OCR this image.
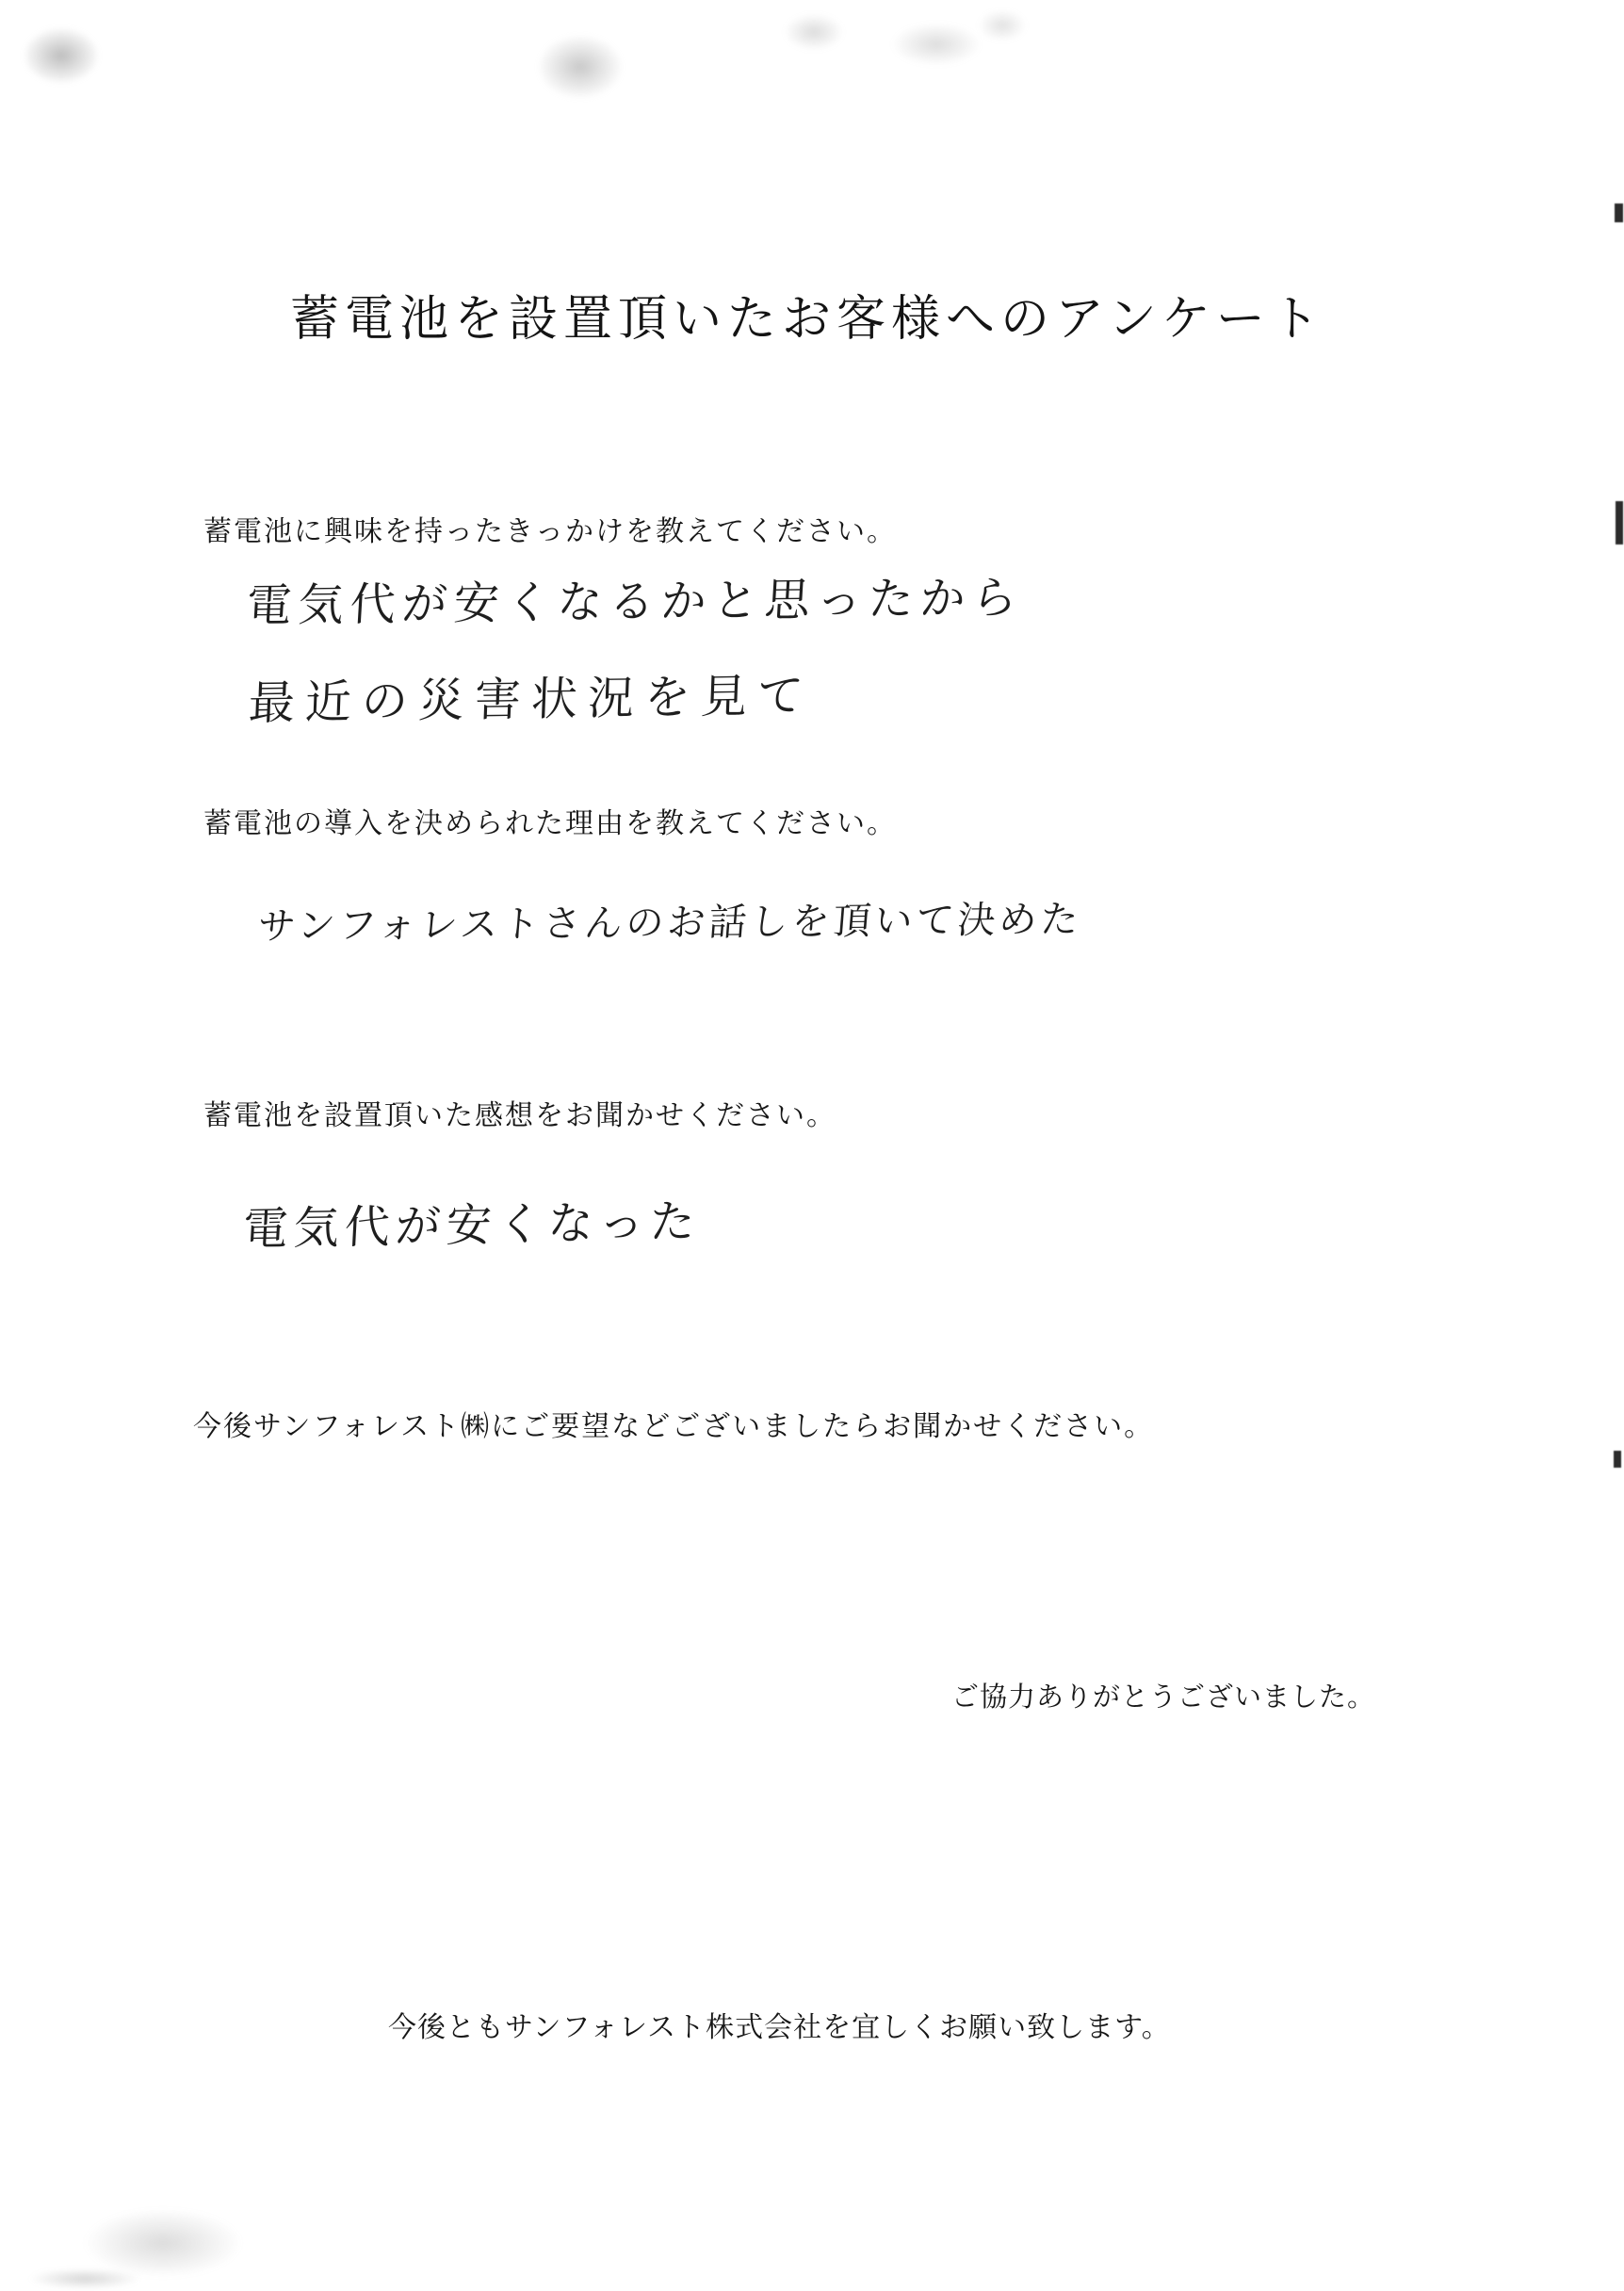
蓄電池を設置頂いたお客様へのアンケート
蓄電池に興味を持ったきっかけを教えてください。
電気代が安くなるかと思ったから
最近の災害状況を見て
蓄電池の導入を決められた理由を教えてください。
サンフォレストさんのお話しを頂いて決めた
蓄電池を設置頂いた感想をお聞かせください。
電気代が安くなった
今後サンフォレスト㈱にご要望などございましたらお聞かせください。
ご協力ありがとうございました。
今後ともサンフォレスト株式会社を宜しくお願い致します。
